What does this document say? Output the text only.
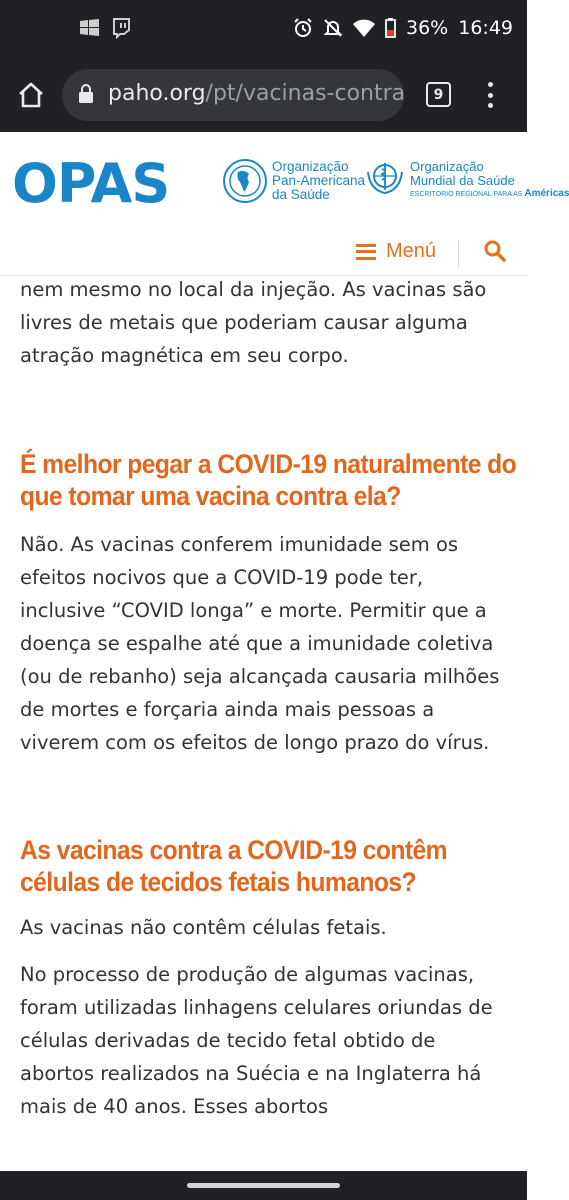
36% 16:49
paho.org/pt/vacinas-contra 9
OPAS	Organização
Pan-Americana
da Saúde
Organização
Mundial da Saúde
ESCRITÓRIO REGIONAL PARA AS Américas
Menú

nem mesmo no local da injeção. As vacinas são livres de metais que poderiam causar alguma atração magnética em seu corpo.

É melhor pegar a COVID-19 naturalmente do que tomar uma vacina contra ela?

Não. As vacinas conferem imunidade sem os efeitos nocivos que a COVID-19 pode ter, inclusive “COVID longa” e morte. Permitir que a doença se espalhe até que a imunidade coletiva (ou de rebanho) seja alcançada causaria milhões de mortes e forçaria ainda mais pessoas a viverem com os efeitos de longo prazo do vírus.

As vacinas contra a COVID-19 contêm células de tecidos fetais humanos?

As vacinas não contêm células fetais.

No processo de produção de algumas vacinas, foram utilizadas linhagens celulares oriundas de células derivadas de tecido fetal obtido de abortos realizados na Suécia e na Inglaterra há mais de 40 anos. Esses abortos
